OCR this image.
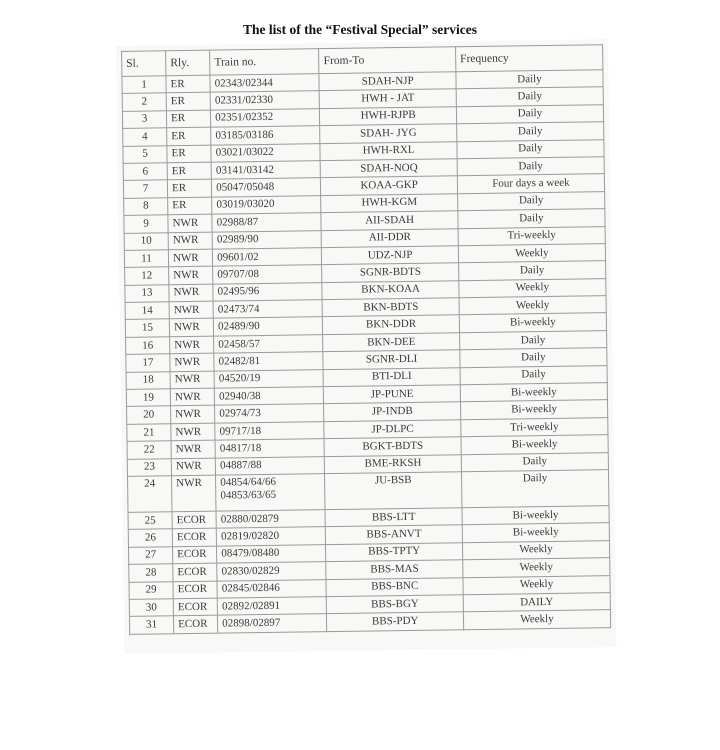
The list of the “Festival Special” services
Sl.	Rly.	Train no.	From-To	Frequency
1	ER	02343/02344	SDAH-NJP	Daily
2	ER	02331/02330	HWH - JAT	Daily
3	ER	02351/02352	HWH-RJPB	Daily
4	ER	03185/03186	SDAH- JYG	Daily
5	ER	03021/03022	HWH-RXL	Daily
6	ER	03141/03142	SDAH-NOQ	Daily
7	ER	05047/05048	KOAA-GKP	Four days a week
8	ER	03019/03020	HWH-KGM	Daily
9	NWR	02988/87	AII-SDAH	Daily
10	NWR	02989/90	AII-DDR	Tri-weekly
11	NWR	09601/02	UDZ-NJP	Weekly
12	NWR	09707/08	SGNR-BDTS	Daily
13	NWR	02495/96	BKN-KOAA	Weekly
14	NWR	02473/74	BKN-BDTS	Weekly
15	NWR	02489/90	BKN-DDR	Bi-weekly
16	NWR	02458/57	BKN-DEE	Daily
17	NWR	02482/81	SGNR-DLI	Daily
18	NWR	04520/19	BTI-DLI	Daily
19	NWR	02940/38	JP-PUNE	Bi-weekly
20	NWR	02974/73	JP-INDB	Bi-weekly
21	NWR	09717/18	JP-DLPC	Tri-weekly
22	NWR	04817/18	BGKT-BDTS	Bi-weekly
23	NWR	04887/88	BME-RKSH	Daily
24	NWR	04854/64/66
04853/63/65	JU-BSB	Daily
25	ECOR	02880/02879	BBS-LTT	Bi-weekly
26	ECOR	02819/02820	BBS-ANVT	Bi-weekly
27	ECOR	08479/08480	BBS-TPTY	Weekly
28	ECOR	02830/02829	BBS-MAS	Weekly
29	ECOR	02845/02846	BBS-BNC	Weekly
30	ECOR	02892/02891	BBS-BGY	DAILY
31	ECOR	02898/02897	BBS-PDY	Weekly
